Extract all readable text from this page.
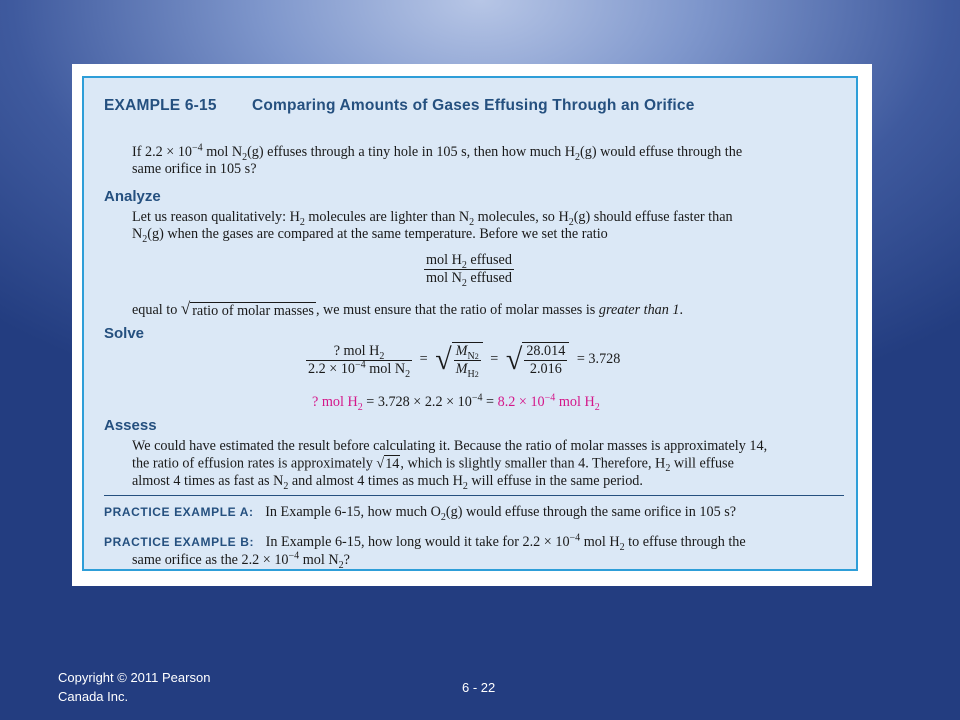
EXAMPLE 6-15 Comparing Amounts of Gases Effusing Through an Orifice
If $2.2 \times 10^{-4}$ mol $N_2(g)$ effuses through a tiny hole in 105 s, then how much $H_2(g)$ would effuse through the
same orifice in 105 s?
Analyze
Let us reason qualitatively: $H_2$ molecules are lighter than $N_2$ molecules, so $H_2(g)$ should effuse faster than
$N_2(g)$ when the gases are compared at the same temperature. Before we set the ratio
$\frac{mol H_2 effused}{mol N_2 effused}$
equal to √ ratio of molar masses , we must ensure that the ratio of molar masses is greater than 1.
Solve
$\frac{? mol H_2}{2.2 \times 10^{-4} mol N_2}$ = √ $\frac{M_{N2}}{M_{H2}}$ = √ $\frac{28.014}{2.016} = 3.728$
? mol $H_2 = 3.728 \times 2.2 \times 10^{-4} = 8.2 \times 10^{-4}$ mol $H_2$
Assess
We could have estimated the result before calculating it. Because the ratio of molar masses is approximately 14,
the ratio of effusion rates is approximately √14, which is slightly smaller than 4. Therefore, $H_2$ will effuse
almost 4 times as fast as $N_2$ and almost 4 times as much $H_2$ will effuse in the same period.
PRACTICE EXAMPLE A: In Example 6-15, how much $O_2(g)$ would effuse through the same orifice in 105 s?
PRACTICE EXAMPLE B: In Example 6-15, how long would it take for $2.2 \times 10^{-4}$ mol $H_2$ to effuse through the
same orifice as the $2.2 \times 10^{-4}$ mol $N_2$?
Copyright © 2011 Pearson
Canada Inc.
6 - 22
